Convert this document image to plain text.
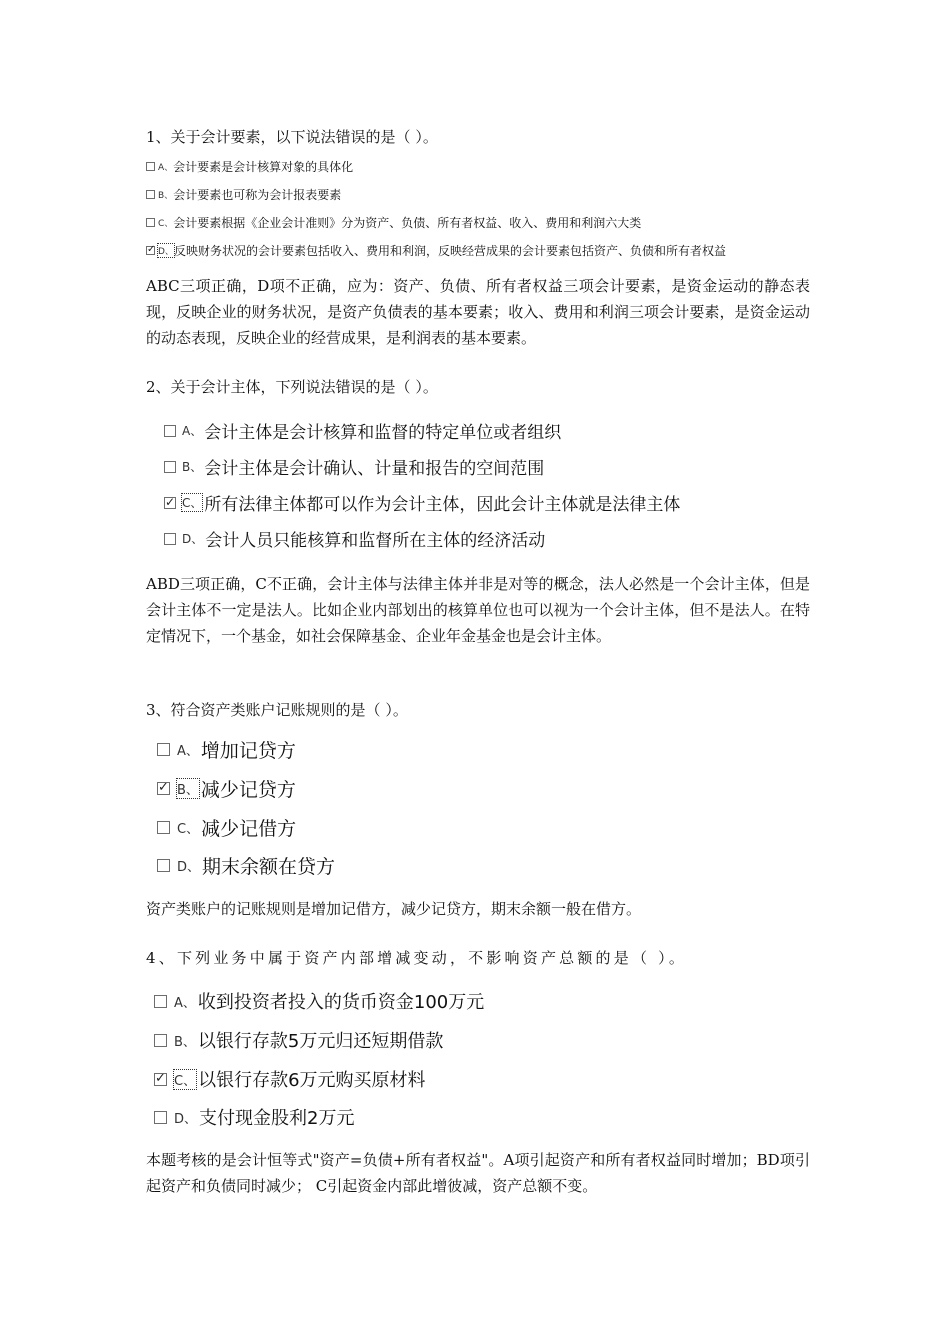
1、关于会计要素，以下说法错误的是（ ）。

A、 会计要素是会计核算对象的具体化
B、 会计要素也可称为会计报表要素
C、 会计要素根据《企业会计准则》分为资产、负债、所有者权益、收入、费用和利润六大类
✓
D、 反映财务状况的会计要素包括收入、费用和利润，反映经营成果的会计要素包括资产、负债和所有者权益

ABC三项正确，D项不正确，应为：资产、负债、所有者权益三项会计要素，是资金运动的静态表现，反映企业的财务状况，是资产负债表的基本要素；收入、费用和利润三项会计要素，是资金运动的动态表现，反映企业的经营成果，是利润表的基本要素。

2、关于会计主体，下列说法错误的是（ ）。

A、 会计主体是会计核算和监督的特定单位或者组织
B、 会计主体是会计确认、计量和报告的空间范围
✓
C、 所有法律主体都可以作为会计主体，因此会计主体就是法律主体
D、 会计人员只能核算和监督所在主体的经济活动

ABD三项正确，C不正确，会计主体与法律主体并非是对等的概念，法人必然是一个会计主体，但是会计主体不一定是法人。比如企业内部划出的核算单位也可以视为一个会计主体，但不是法人。在特定情况下，一个基金，如社会保障基金、企业年金基金也是会计主体。

3、符合资产类账户记账规则的是（ ）。

A、 增加记贷方
✓
B、 减少记贷方
C、 减少记借方
D、 期末余额在贷方

资产类账户的记账规则是增加记借方，减少记贷方，期末余额一般在借方。

4、下列业务中属于资产内部增减变动，不影响资产总额的是（ ）。

A、 收到投资者投入的货币资金100万元
B、 以银行存款5万元归还短期借款
✓
C、 以银行存款6万元购买原材料
D、 支付现金股利2万元

本题考核的是会计恒等式"资产=负债+所有者权益"。A项引起资产和所有者权益同时增加；BD项引起资产和负债同时减少； C引起资金内部此增彼减，资产总额不变。
